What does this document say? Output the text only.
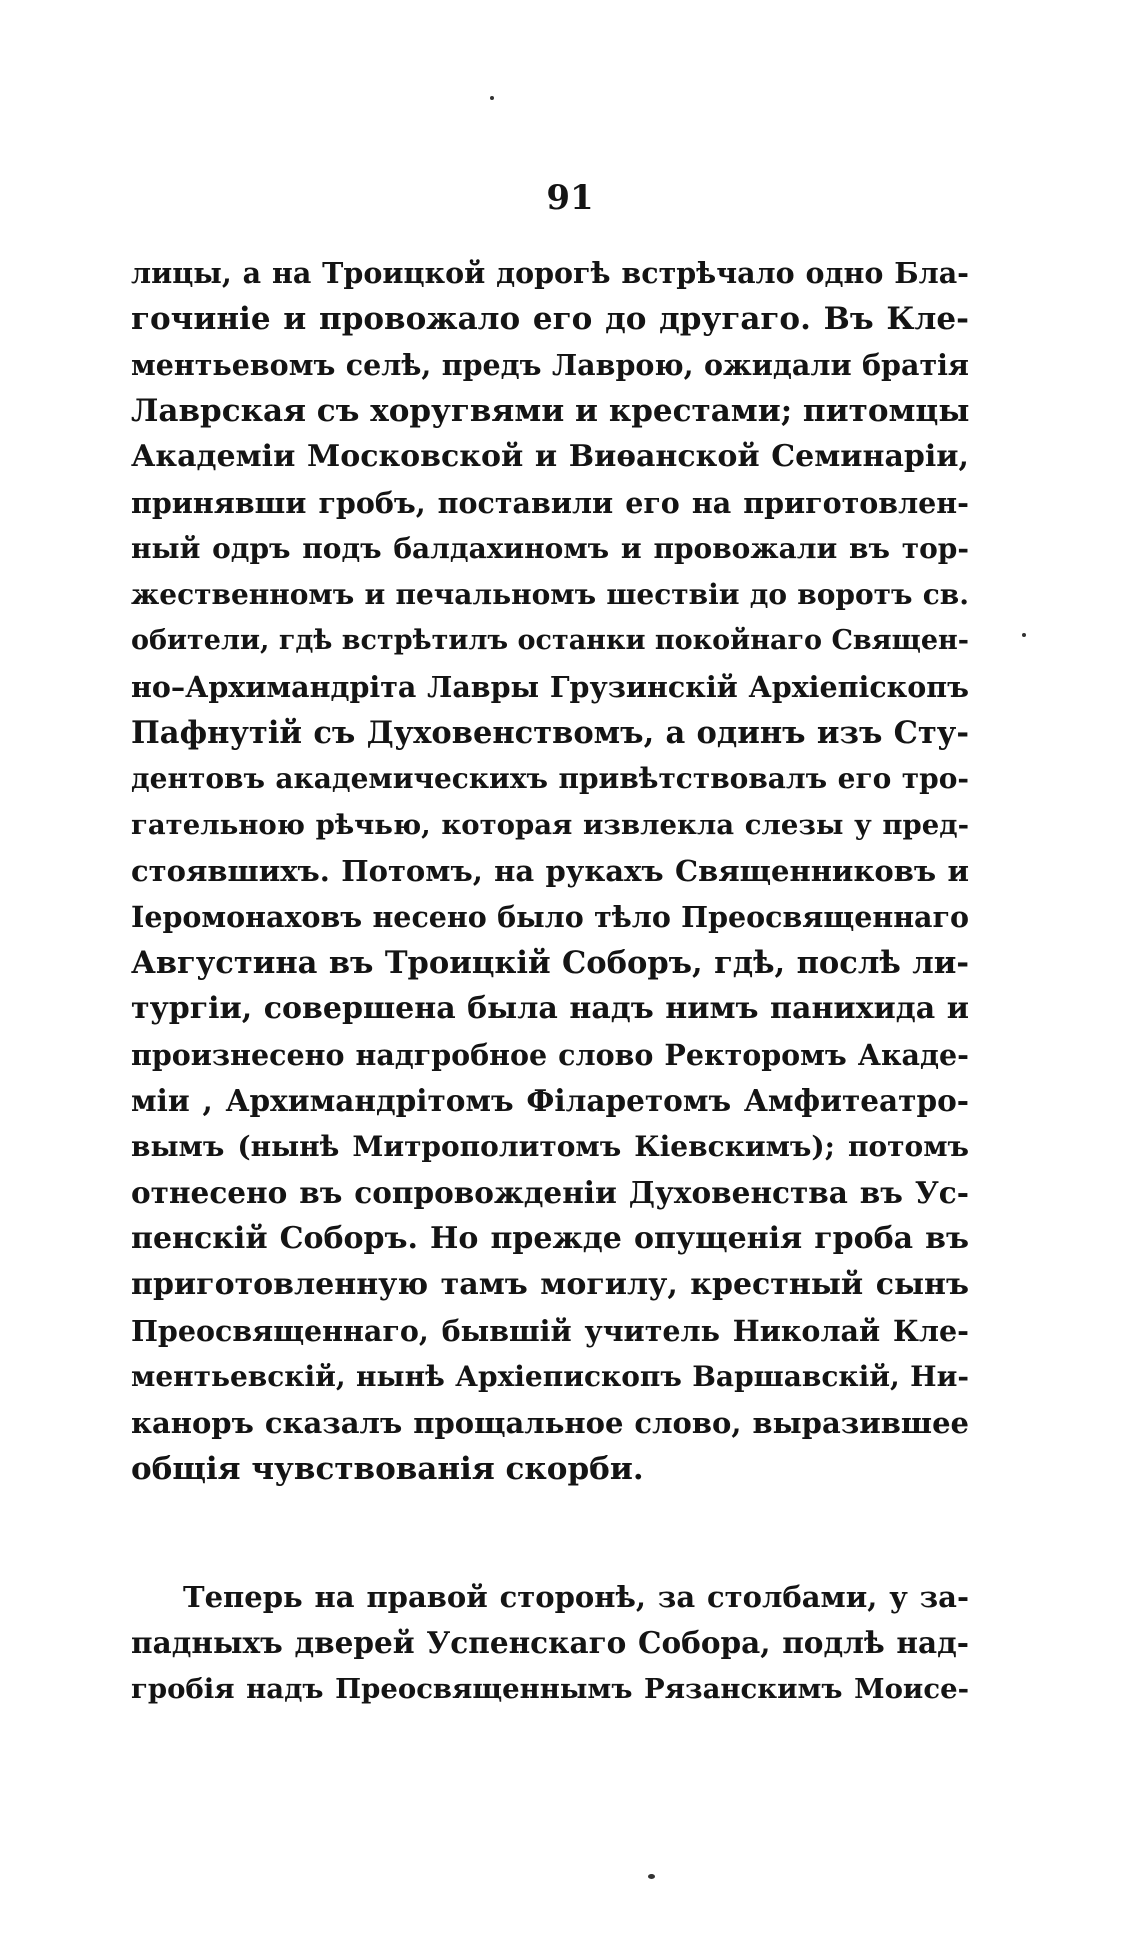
91
лицы, а на Троицкой дорогѣ встрѣчало одно Бла-
гочиніе и провожало его до другаго. Въ Кле-
ментьевомъ селѣ, предъ Лаврою, ожидали братія
Лаврская съ хоругвями и крестами; питомцы
Академіи Московской и Виѳанской Семинаріи,
принявши гробъ, поставили его на приготовлен-
ный одръ подъ балдахиномъ и провожали въ тор-
жественномъ и печальномъ шествіи до воротъ св.
обители, гдѣ встрѣтилъ останки покойнаго Священ-
но–Архимандріта Лавры Грузинскій Архіепіскопъ
Пафнутій съ Духовенствомъ, а одинъ изъ Сту-
дентовъ академическихъ привѣтствовалъ его тро-
гательною рѣчью, которая извлекла слезы у пред-
стоявшихъ. Потомъ, на рукахъ Священниковъ и
Іеромонаховъ несено было тѣло Преосвященнаго
Августина въ Троицкій Соборъ, гдѣ, послѣ ли-
тургіи, совершена была надъ нимъ панихида и
произнесено надгробное слово Ректоромъ Акаде-
міи , Архимандрітомъ Філаретомъ Амфитеатро-
вымъ (нынѣ Митрополитомъ Кіевскимъ); потомъ
отнесено въ сопровожденіи Духовенства въ Ус-
пенскій Соборъ. Но прежде опущенія гроба въ
приготовленную тамъ могилу, крестный сынъ
Преосвященнаго, бывшій учитель Николай Кле-
ментьевскій, нынѣ Архіепископъ Варшавскій, Ни-
каноръ сказалъ прощальное слово, выразившее
общія чувствованія скорби.
Теперь на правой сторонѣ, за столбами, у за-
падныхъ дверей Успенскаго Собора, подлѣ над-
гробія надъ Преосвященнымъ Рязанскимъ Моисе-
